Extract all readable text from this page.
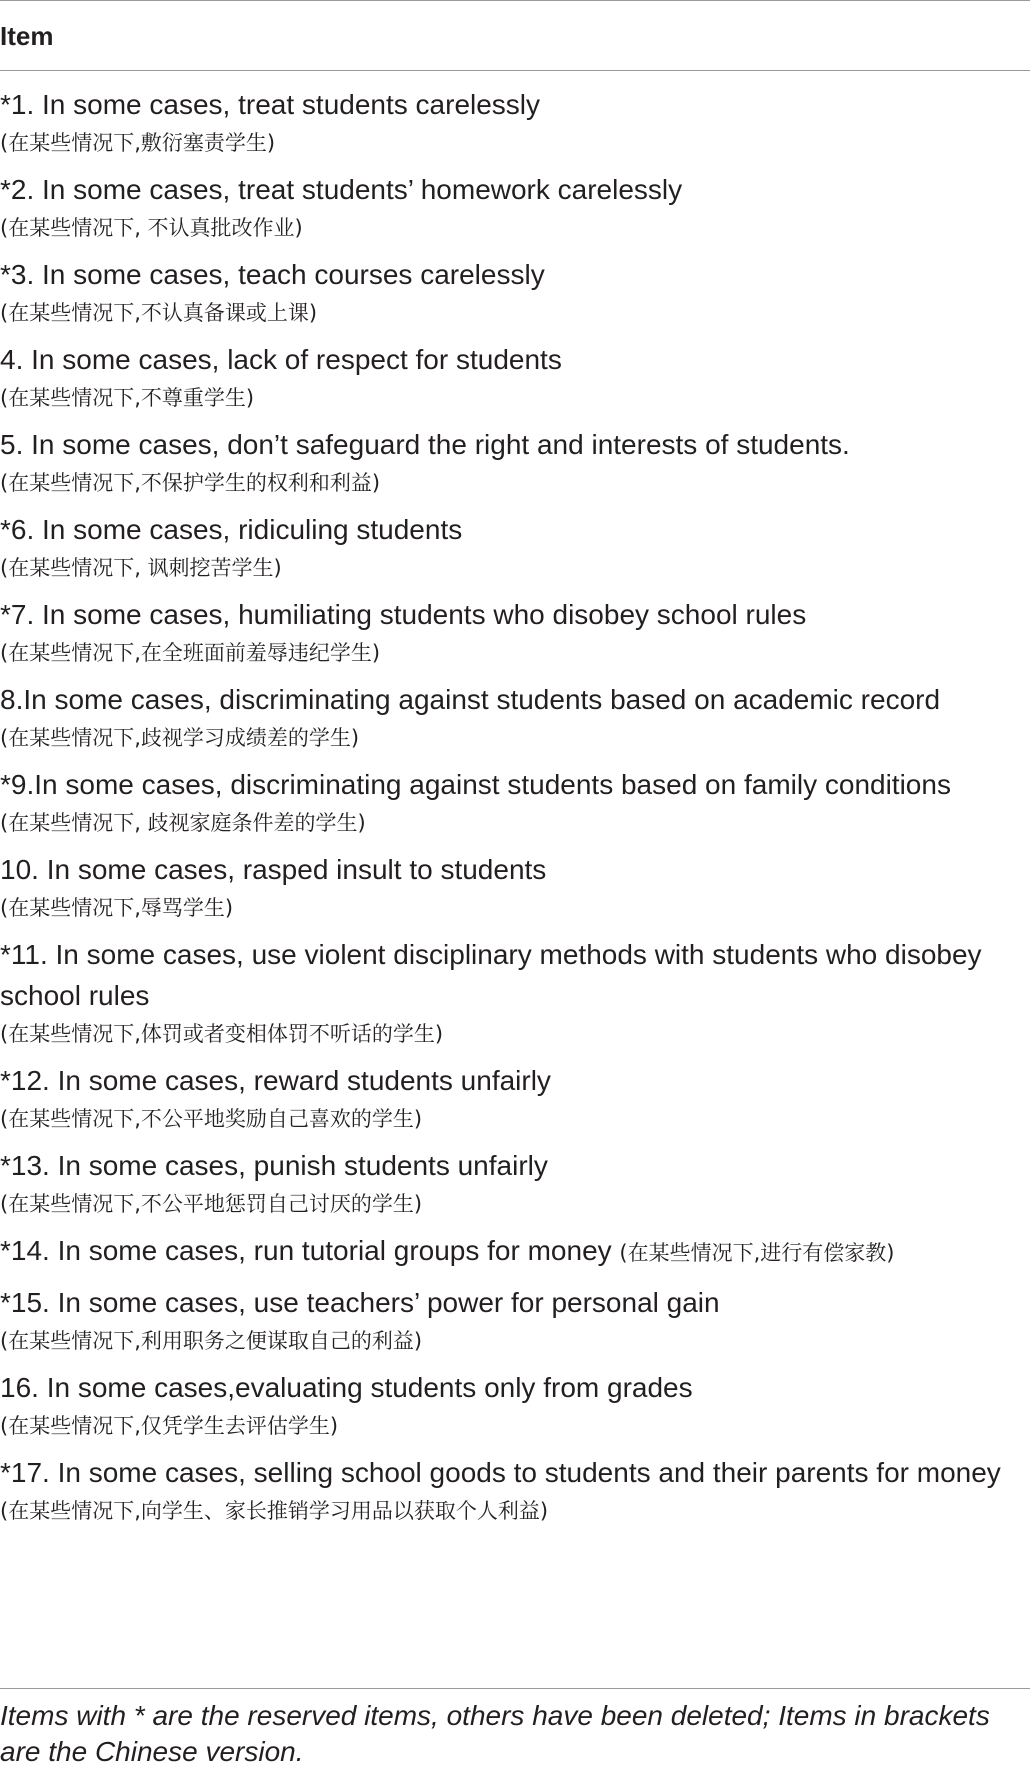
Item
*1. In some cases, treat students carelessly
(在某些情况下,敷衍塞责学生)
*2. In some cases, treat students’ homework carelessly
(在某些情况下, 不认真批改作业)
*3. In some cases, teach courses carelessly
(在某些情况下,不认真备课或上课)
4. In some cases, lack of respect for students
(在某些情况下,不尊重学生)
5. In some cases, don’t safeguard the right and interests of students.
(在某些情况下,不保护学生的权利和利益)
*6. In some cases, ridiculing students
(在某些情况下, 讽刺挖苦学生)
*7. In some cases, humiliating students who disobey school rules
(在某些情况下,在全班面前羞辱违纪学生)
8.In some cases, discriminating against students based on academic record
(在某些情况下,歧视学习成绩差的学生)
*9.In some cases, discriminating against students based on family conditions
(在某些情况下, 歧视家庭条件差的学生)
10. In some cases, rasped insult to students
(在某些情况下,辱骂学生)
*11. In some cases, use violent disciplinary methods with students who disobey school rules
(在某些情况下,体罚或者变相体罚不听话的学生)
*12. In some cases, reward students unfairly
(在某些情况下,不公平地奖励自己喜欢的学生)
*13. In some cases, punish students unfairly
(在某些情况下,不公平地惩罚自己讨厌的学生)
*14. In some cases, run tutorial groups for money (在某些情况下,进行有偿家教)
*15. In some cases, use teachers’ power for personal gain
(在某些情况下,利用职务之便谋取自己的利益)
16. In some cases,evaluating students only from grades
(在某些情况下,仅凭学生去评估学生)
*17. In some cases, selling school goods to students and their parents for money
(在某些情况下,向学生、家长推销学习用品以获取个人利益)
Items with * are the reserved items, others have been deleted; Items in brackets are the Chinese version.
